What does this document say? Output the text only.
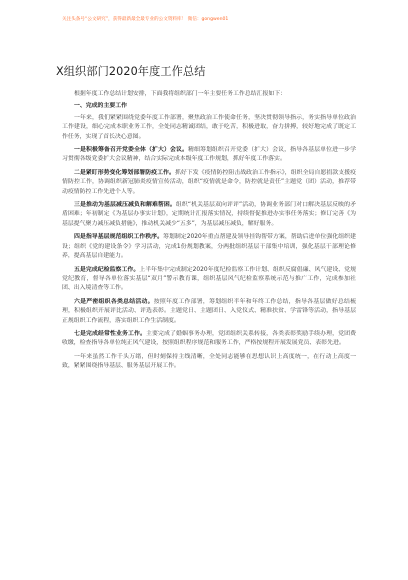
关注头条号“公文研究”，获得最新最全最专业的公文资料库！ 微信：gongwen01
X组织部门2020年度工作总结

根据年度工作总结计划安排，下面我将组织部门一年主要任务工作总结汇报如下：

一、完成的主要工作

一年来，我们紧紧围绕党委年度工作部署，聚焦政治工作使命任务，坚决贯彻领导指示，务实指导单位政治工作建设，细心完成本职业务工作，全处同志精诚团结，敢于吃苦，积极进取，奋力拼搏，较好地完成了既定工作任务，实现了首长决心意图。

一是积极筹备召开党委全体（扩大）会议。精细筹划组织召开党委（扩大）会议，指导各基层单位进一步学习贯彻各级党委扩大会议精神，结合实际完成本级年度工作规划，抓好年度工作落实。

二是紧盯形势变化筹划部署防疫工作。抓好下发《疫情防控阻击战政治工作指示》，组织全局自愿捐款支援疫情防控工作，协调组织新冠肺炎疫情宣传活动，组织“疫情就是命令，防控就是责任”主题党（团）活动，推荐带动疫情防控工作先进个人等。

三是推动为基层减压减负和解难帮困。组织“机关基层双向评评”活动，协调业务部门对口解决基层反映的矛盾困难；年初制定《为基层办事实计划》，定期统计汇报落实情况，持续督促推进办实事任务落实；修订完善《为基层提气聚力减压减负措施》，推动机关减少“五多”，为基层减压减负，解好服务。

四是指导基层规范组织工作秩序。筹划制定2020年重点帮建及领导挂钩帮带方案，帮助后进单位强化组织建设；组织《党的建设条令》学习活动，完成1份规划教案，分两批组织基层干部集中培训，强化基层干部理论修养，提高基层自建能力。

五是完成纪检监察工作。上半年集中完成制定2020年度纪检监察工作计划、组织反腐倡廉、风气建设、党规党纪教育，督导各单位落实基层“双月”警示教育课，组织基层风气纪检监察系统示范与推广工作，完成参加社团、出入境清查等工作。

六是严密组织各类总结活动。按照年度工作部署，筹划组织半年和年终工作总结，指导各基层做好总结梳理，积极组织开展评比活动、评选表彰。主题党日、主题团日、入党仪式、精准扶贫、学雷锋等活动，指导基层正规组织工作流程，落实组织工作生活制度。

七是完成经常性业务工作。主要完成了婚姻事务办理，党团组织关系转接，各类表彰奖励手续办理，党团费收缴，检查指导各单位纯正风气建设，按照组织程序规范和服务工作，严格按规程开展发展党员、表彰先进。

一年来虽然工作千头万绪，但时刻保持主线清晰，全处同志能够在思想认识上高度统一，在行动上高度一致，紧紧围绕指导基层、服务基层开展工作。
